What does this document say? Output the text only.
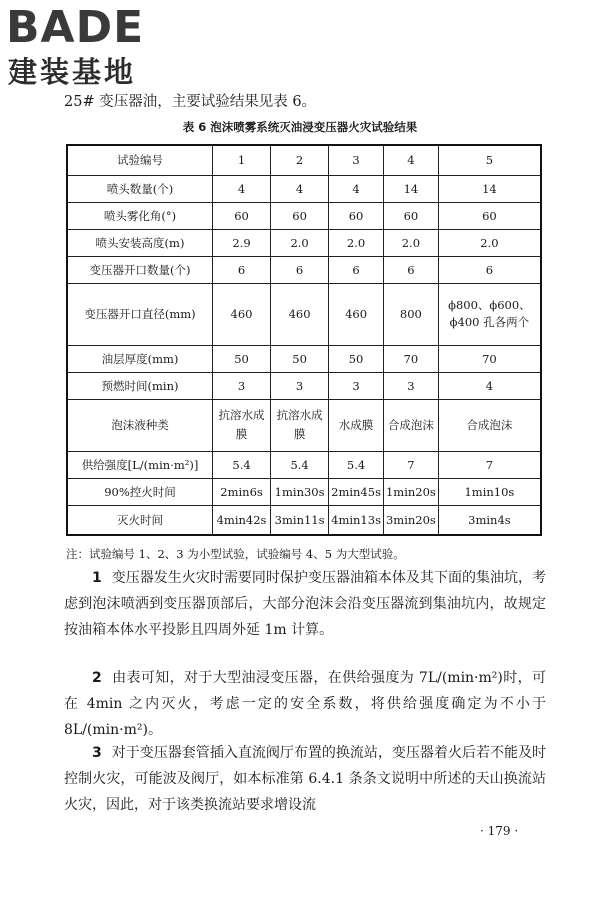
BADE
建装基地
25# 变压器油，主要试验结果见表 6。
表 6 泡沫喷雾系统灭油浸变压器火灾试验结果
试验编号	1	2	3	4	5
喷头数量(个)	4	4	4	14	14
喷头雾化角(°)	60	60	60	60	60
喷头安装高度(m)	2.9	2.0	2.0	2.0	2.0
变压器开口数量(个)	6	6	6	6	6
变压器开口直径(mm)	460	460	460	800	ϕ800、ϕ600、ϕ400 孔各两个
油层厚度(mm)	50	50	50	70	70
预燃时间(min)	3	3	3	3	4
泡沫液种类	抗溶水成膜	抗溶水成膜	水成膜	合成泡沫	合成泡沫
供给强度[L/(min·m²)]	5.4	5.4	5.4	7	7
90%控火时间	2min6s	1min30s	2min45s	1min20s	1min10s
灭火时间	4min42s	3min11s	4min13s	3min20s	3min4s
注：试验编号 1、2、3 为小型试验，试验编号 4、5 为大型试验。
1 变压器发生火灾时需要同时保护变压器油箱本体及其下面的集油坑，考虑到泡沫喷洒到变压器顶部后，大部分泡沫会沿变压器流到集油坑内，故规定按油箱本体水平投影且四周外延 1m 计算。
2 由表可知，对于大型油浸变压器，在供给强度为 7L/(min·m²)时，可在 4min 之内灭火，考虑一定的安全系数，将供给强度确定为不小于 8L/(min·m²)。
3 对于变压器套管插入直流阀厅布置的换流站，变压器着火后若不能及时控制火灾，可能波及阀厅，如本标准第 6.4.1 条条文说明中所述的天山换流站火灾，因此，对于该类换流站要求增设流
· 179 ·
